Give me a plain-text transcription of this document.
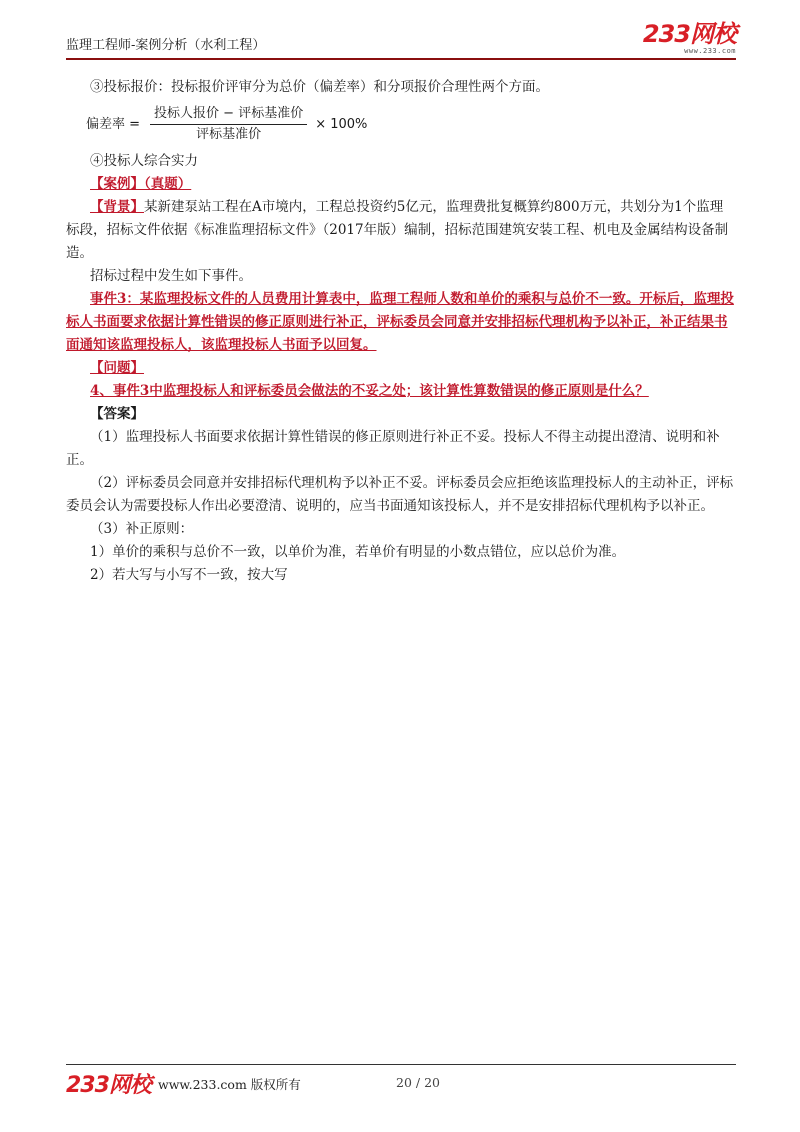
监理工程师-案例分析（水利工程）	233网校
www.233.com

③投标报价：投标报价评审分为总价（偏差率）和分项报价合理性两个方面。

偏差率 = $\frac{\text{投标人报价 − 评标基准价}}{\text{评标基准价}} \times 100\%$

④投标人综合实力

【案例】（真题）

【背景】某新建泵站工程在A市境内，工程总投资约5亿元，监理费批复概算约800万元，共划分为1个监理标段，招标文件依据《标准监理招标文件》（2017年版）编制，招标范围建筑安装工程、机电及金属结构设备制造。

招标过程中发生如下事件。

事件3：某监理投标文件的人员费用计算表中，监理工程师人数和单价的乘积与总价不一致。开标后，监理投标人书面要求依据计算性错误的修正原则进行补正，评标委员会同意并安排招标代理机构予以补正，补正结果书面通知该监理投标人，该监理投标人书面予以回复。

【问题】

4、事件3中监理投标人和评标委员会做法的不妥之处；该计算性算数错误的修正原则是什么？

【答案】

（1）监理投标人书面要求依据计算性错误的修正原则进行补正不妥。投标人不得主动提出澄清、说明和补正。

（2）评标委员会同意并安排招标代理机构予以补正不妥。评标委员会应拒绝该监理投标人的主动补正，评标委员会认为需要投标人作出必要澄清、说明的，应当书面通知该投标人，并不是安排招标代理机构予以补正。

（3）补正原则：

1）单价的乘积与总价不一致，以单价为准，若单价有明显的小数点错位，应以总价为准。

2）若大写与小写不一致，按大写

233网校 www.233.com 版权所有	20 / 20
